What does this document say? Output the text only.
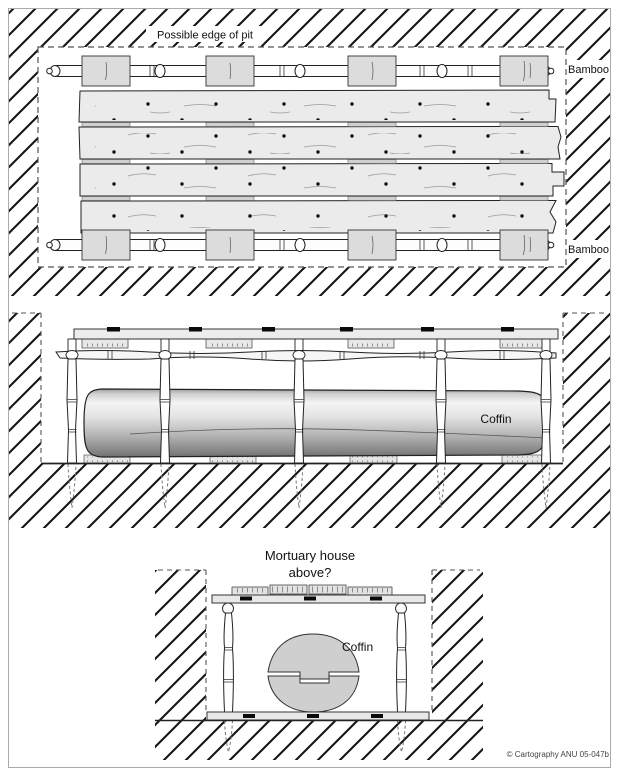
Possible edge of pit
Bamboo
Bamboo
Coffin
Mortuary house
above?
Coffin
© Cartography ANU 05-047b
